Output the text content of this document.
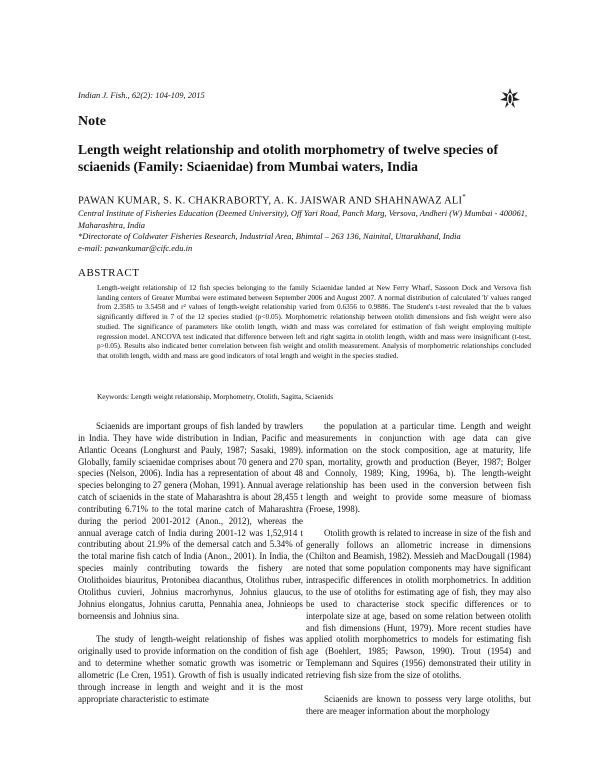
Indian J. Fish., 62(2): 104-109, 2015
Note
Length weight relationship and otolith morphometry of twelve species of sciaenids (Family: Sciaenidae) from Mumbai waters, India
PAWAN KUMAR, S. K. CHAKRABORTY, A. K. JAISWAR AND SHAHNAWAZ ALI*

Central Institute of Fisheries Education (Deemed University), Off Yari Road, Panch Marg, Versova, Andheri (W) Mumbai - 400061, Maharashtra, India

*Directorate of Coldwater Fisheries Research, Industrial Area, Bhimtal – 263 136, Nainital, Uttarakhand, India

e-mail: pawankumar@cifc.edu.in

ABSTRACT
Length-weight relationship of 12 fish species belonging to the family Sciaenidae landed at New Ferry Wharf, Sassoon Dock and Versova fish landing centers of Greater Mumbai were estimated between September 2006 and August 2007. A normal distribution of calculated 'b' values ranged from 2.3585 to 3.5458 and r² values of length-weight relationship varied from 0.6356 to 0.9886. The Student's t-test revealed that the b values significantly differed in 7 of the 12 species studied (p<0.05). Morphometric relationship between otolith dimensions and fish weight were also studied. The significance of parameters like otolith length, width and mass was correlated for estimation of fish weight employing multiple regression model. ANCOVA test indicated that difference between left and right sagitta in otolith length, width and mass were insignificant (t-test, p>0.05). Results also indicated better correlation between fish weight and otolith measurement. Analysis of morphometric relationships concluded that otolith length, width and mass are good indicators of total length and weight in the species studied.
Keywords: Length weight relationship, Morphometry, Otolith, Sagitta, Sciaenids

Sciaenids are important groups of fish landed by trawlers in India. They have wide distribution in Indian, Pacific and Atlantic Oceans (Longhurst and Pauly, 1987; Sasaki, 1989). Globally, family sciaenidae comprises about 70 genera and 270 species (Nelson, 2006). India has a representation of about 48 species belonging to 27 genera (Mohan, 1991). Annual average catch of sciaenids in the state of Maharashtra is about 28,455 t contributing 6.71% to the total marine catch of Maharashtra during the period 2001-2012 (Anon., 2012), whereas the annual average catch of India during 2001-12 was 1,52,914 t contributing about 21.9% of the demersal catch and 5.34% of the total marine fish catch of India (Anon., 2001). In India, the species mainly contributing towards the fishery are Otolithoides biauritus, Protonibea diacanthus, Otolithus ruber, Otolithus cuvieri, Johnius macrorhynus, Johnius glaucus, Johnius elongatus, Johnius carutta, Pennahia anea, Johnieops borneensis and Johnius sina.

The study of length-weight relationship of fishes was originally used to provide information on the condition of fish and to determine whether somatic growth was isometric or allometric (Le Cren, 1951). Growth of fish is usually indicated through increase in length and weight and it is the most appropriate characteristic to estimate

the population at a particular time. Length and weight measurements in conjunction with age data can give information on the stock composition, age at maturity, life span, mortality, growth and production (Beyer, 1987; Bolger and Connoly, 1989; King, 1996a, b). The length-weight relationship has been used in the conversion between fish length and weight to provide some measure of biomass (Froese, 1998).

Otolith growth is related to increase in size of the fish and generally follows an allometric increase in dimensions (Chilton and Beamish, 1982). Messieh and MacDougall (1984) noted that some population components may have significant intraspecific differences in otolith morphometrics. In addition to the use of otoliths for estimating age of fish, they may also be used to characterise stock specific differences or to interpolate size at age, based on some relation between otolith and fish dimensions (Hunt, 1979). More recent studies have applied otolith morphometrics to models for estimating fish age (Boehlert, 1985; Pawson, 1990). Trout (1954) and Templemann and Squires (1956) demonstrated their utility in retrieving fish size from the size of otoliths.

Sciaenids are known to possess very large otoliths, but there are meager information about the morphology
